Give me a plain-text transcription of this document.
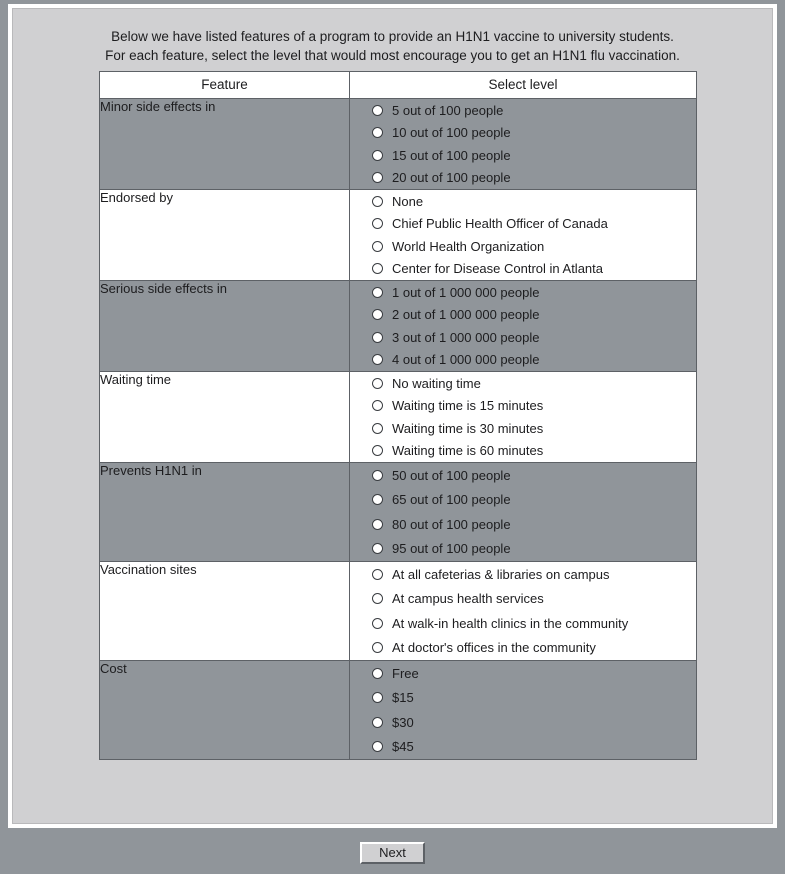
Below we have listed features of a program to provide an H1N1 vaccine to university students.
For each feature, select the level that would most encourage you to get an H1N1 flu vaccination.
Feature	Select level
Minor side effects in	5 out of 100 people
10 out of 100 people
15 out of 100 people
20 out of 100 people

Endorsed by	None
Chief Public Health Officer of Canada
World Health Organization
Center for Disease Control in Atlanta

Serious side effects in	1 out of 1 000 000 people
2 out of 1 000 000 people
3 out of 1 000 000 people
4 out of 1 000 000 people

Waiting time	No waiting time
Waiting time is 15 minutes
Waiting time is 30 minutes
Waiting time is 60 minutes

Prevents H1N1 in	50 out of 100 people
65 out of 100 people
80 out of 100 people
95 out of 100 people

Vaccination sites	At all cafeterias & libraries on campus
At campus health services
At walk-in health clinics in the community
At doctor's offices in the community

Cost	Free
$15
$30
$45
Next
